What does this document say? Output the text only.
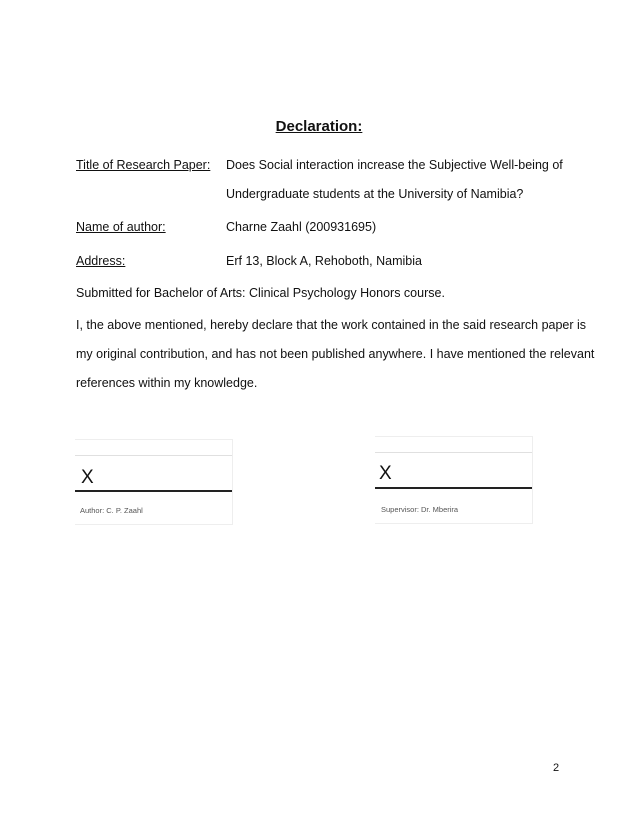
Declaration:
Title of Research Paper: Does Social interaction increase the Subjective Well-being of
Undergraduate students at the University of Namibia?
Name of author:	Charne Zaahl (200931695)
Address:	Erf 13, Block A, Rehoboth, Namibia
Submitted for Bachelor of Arts: Clinical Psychology Honors course.
I, the above mentioned, hereby declare that the work contained in the said research paper is
my original contribution, and has not been published anywhere. I have mentioned the relevant
references within my knowledge.
X
Author: C. P. Zaahl
X
Supervisor: Dr. Mberira
2
